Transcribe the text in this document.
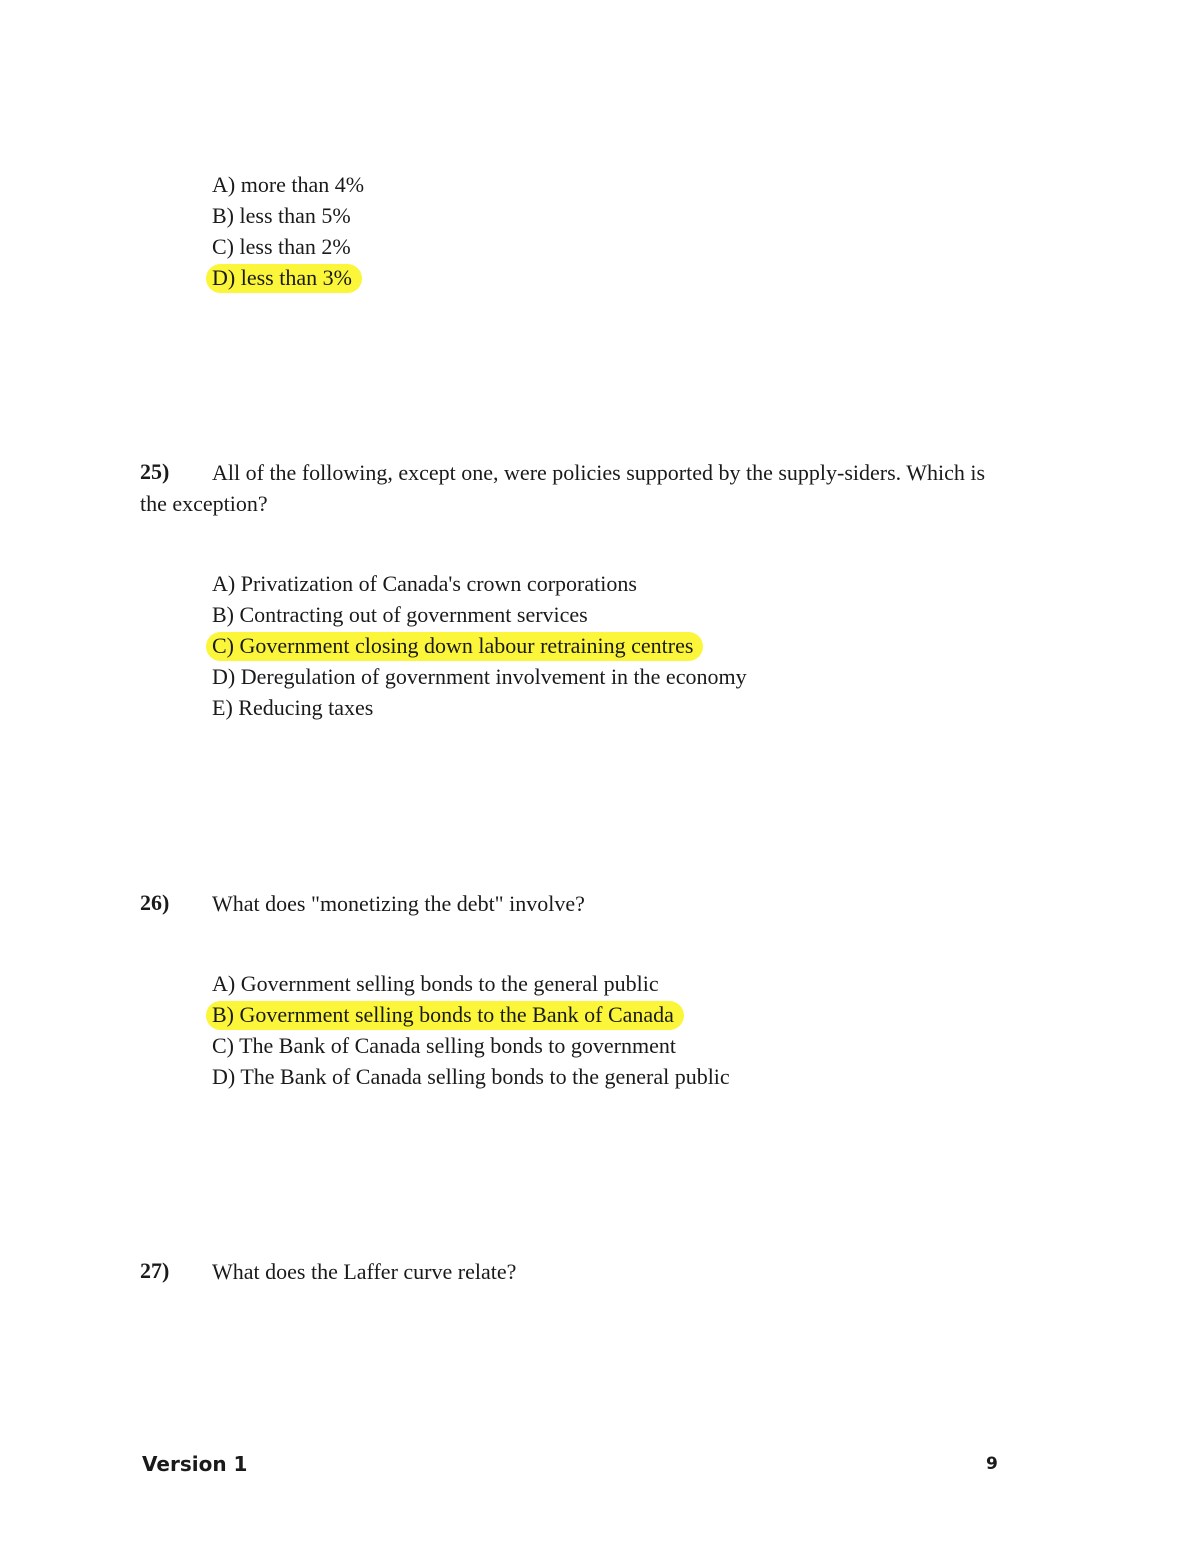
A) more than 4%
B) less than 5%
C) less than 2%
D) less than 3%
25) All of the following, except one, were policies supported by the supply-siders. Which is
the exception?
A) Privatization of Canada's crown corporations
B) Contracting out of government services
C) Government closing down labour retraining centres
D) Deregulation of government involvement in the economy
E) Reducing taxes
26) What does "monetizing the debt" involve?
A) Government selling bonds to the general public
B) Government selling bonds to the Bank of Canada
C) The Bank of Canada selling bonds to government
D) The Bank of Canada selling bonds to the general public
27) What does the Laffer curve relate?
Version 1	9
